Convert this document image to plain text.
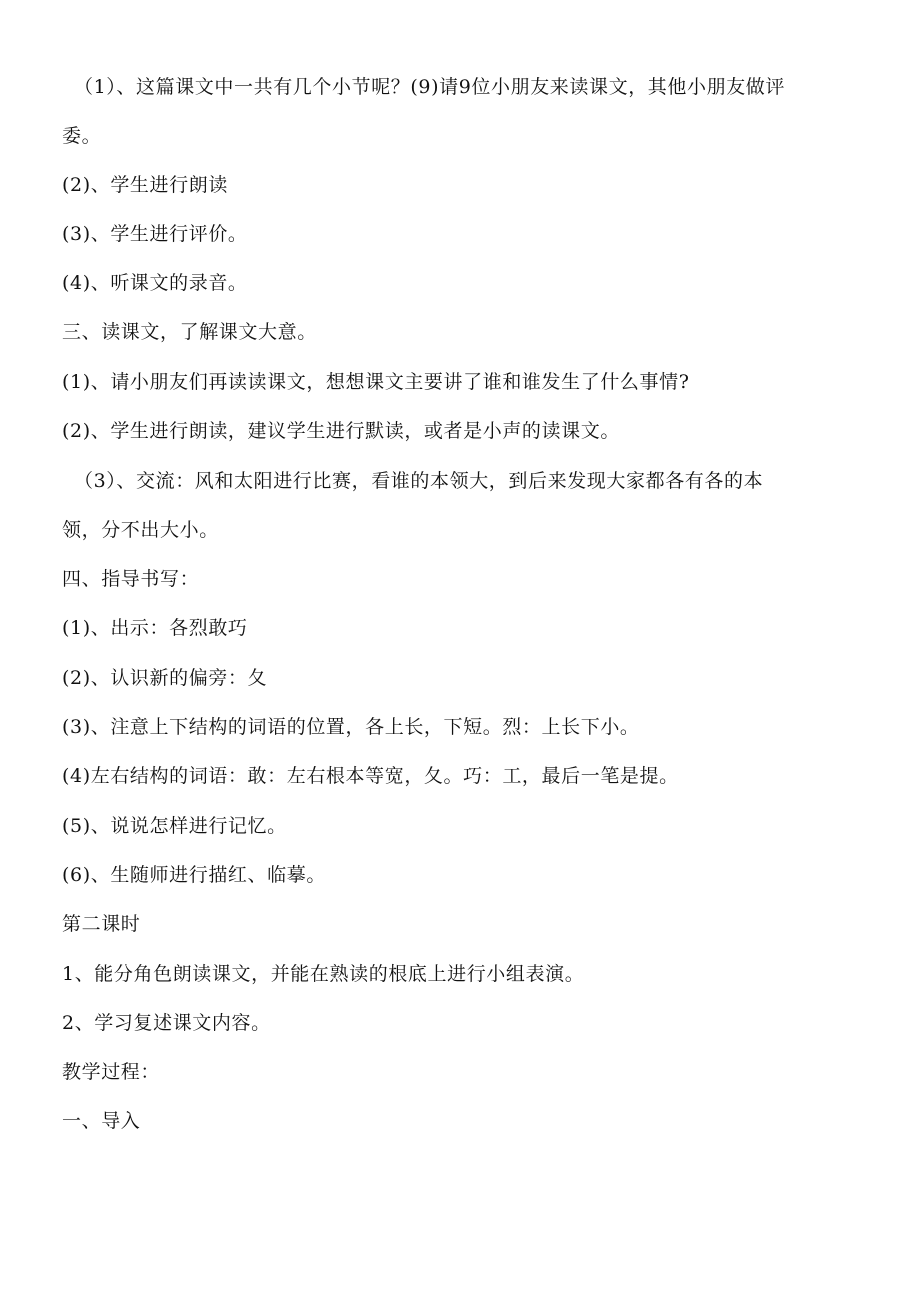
（1）、这篇课文中一共有几个小节呢？(9)请9位小朋友来读课文，其他小朋友做评
委。
(2)、学生进行朗读
(3)、学生进行评价。
(4)、听课文的录音。
三、读课文，了解课文大意。
(1)、请小朋友们再读读课文，想想课文主要讲了谁和谁发生了什么事情?
(2)、学生进行朗读，建议学生进行默读，或者是小声的读课文。
（3）、交流：风和太阳进行比赛，看谁的本领大，到后来发现大家都各有各的本
领，分不出大小。
四、指导书写：
(1)、出示：各烈敢巧
(2)、认识新的偏旁：夂
(3)、注意上下结构的词语的位置，各上长，下短。烈：上长下小。
(4)左右结构的词语：敢：左右根本等宽，夂。巧：工，最后一笔是提。
(5)、说说怎样进行记忆。
(6)、生随师进行描红、临摹。
第二课时
1、能分角色朗读课文，并能在熟读的根底上进行小组表演。
2、学习复述课文内容。
教学过程：
一、导入
